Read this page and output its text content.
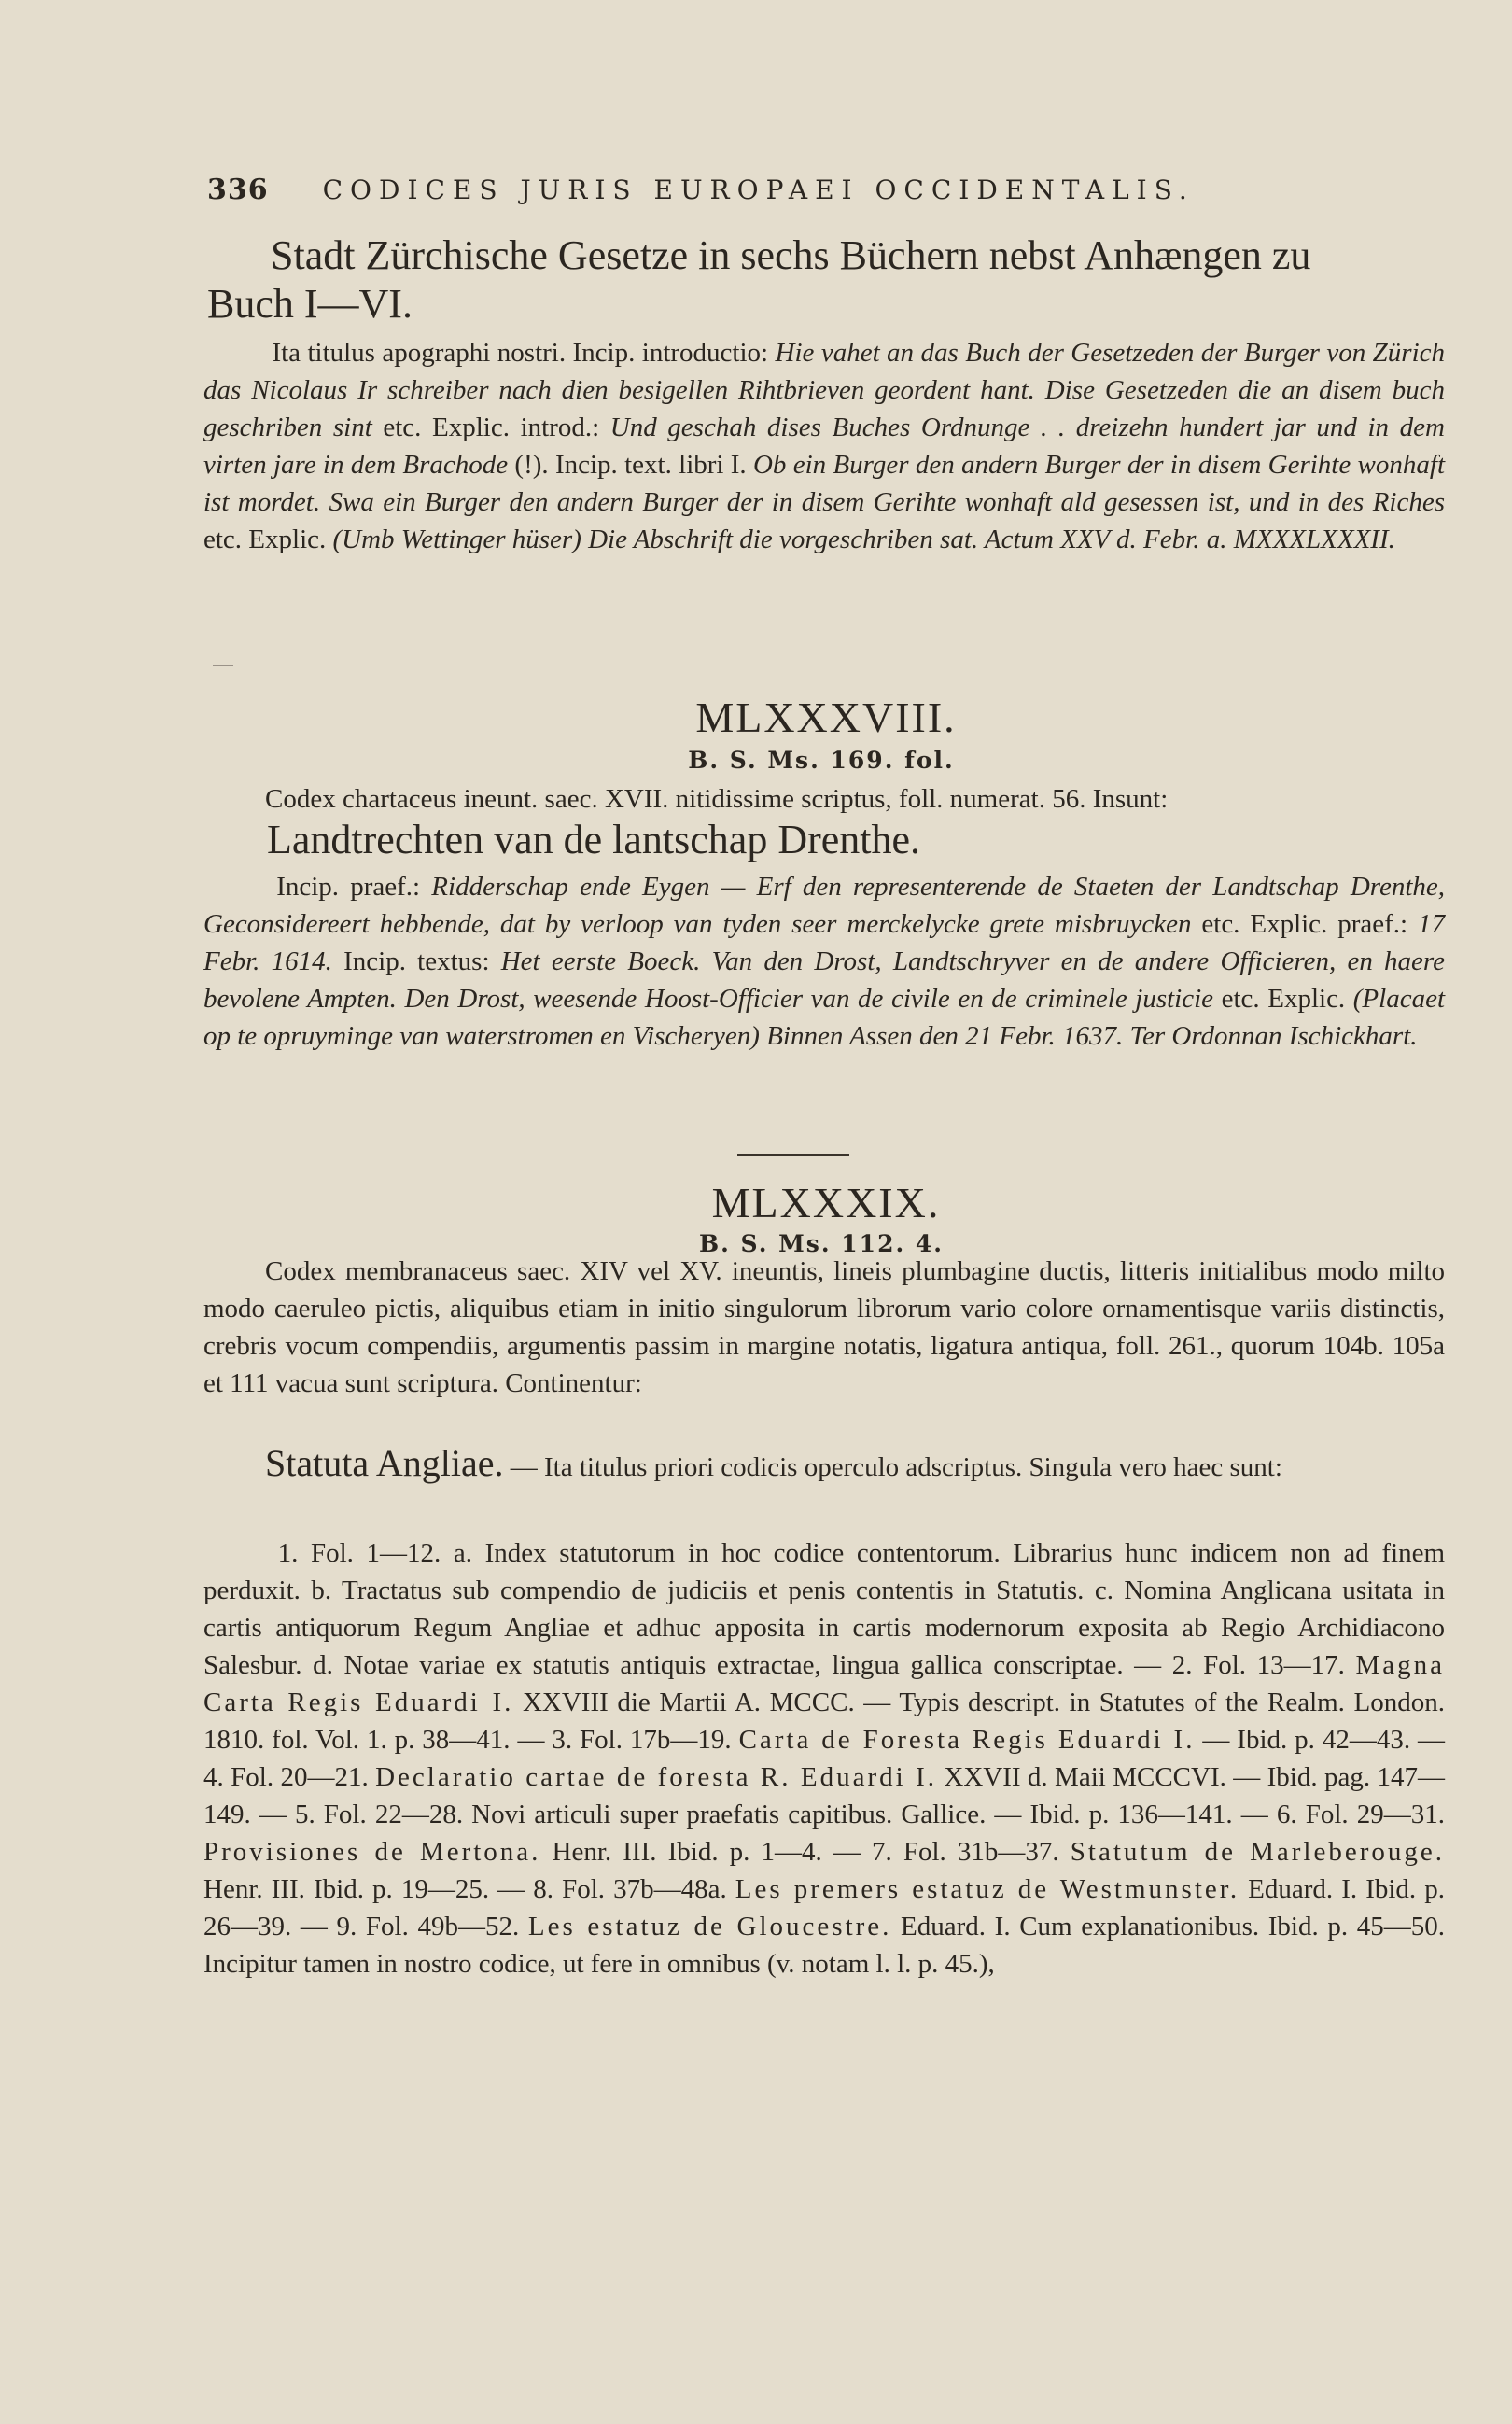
336 CODICES JURIS EUROPAEI OCCIDENTALIS.
Stadt Zürchische Gesetze in sechs Büchern nebst Anhængen zu
Buch I—VI.
Ita titulus apographi nostri. Incip. introductio: Hie vahet an das Buch der Gesetzeden der Burger von Zürich das Nicolaus Ir schreiber nach dien besigellen Rihtbrieven geordent hant. Dise Gesetzeden die an disem buch geschriben sint etc. Explic. introd.: Und geschah dises Buches Ordnunge . . dreizehn hundert jar und in dem virten jare in dem Brachode (!). Incip. text. libri I. Ob ein Burger den andern Burger der in disem Gerihte wonhaft ist mordet. Swa ein Burger den andern Burger der in disem Gerihte wonhaft ald gesessen ist, und in des Riches etc. Explic. (Umb Wettinger hüser) Die Abschrift die vorgeschriben sat. Actum XXV d. Febr. a. MXXXLXXXII.
MLXXXVIII.
B. S. Ms. 169. fol.
Codex chartaceus ineunt. saec. XVII. nitidissime scriptus, foll. numerat. 56. Insunt:
Landtrechten van de lantschap Drenthe.
Incip. praef.: Ridderschap ende Eygen — Erf den representerende de Staeten der Landtschap Drenthe, Geconsidereert hebbende, dat by verloop van tyden seer merckelycke grete misbruycken etc. Explic. praef.: 17 Febr. 1614. Incip. textus: Het eerste Boeck. Van den Drost, Landtschryver en de andere Officieren, en haere bevolene Ampten. Den Drost, weesende Hoost-Officier van de civile en de criminele justicie etc. Explic. (Placaet op te opruyminge van waterstromen en Vischeryen) Binnen Assen den 21 Febr. 1637. Ter Ordonnan Ischickhart.
MLXXXIX.
B. S. Ms. 112. 4.
Codex membranaceus saec. XIV vel XV. ineuntis, lineis plumbagine ductis, litteris initialibus modo milto modo caeruleo pictis, aliquibus etiam in initio singulorum librorum vario colore ornamentisque variis distinctis, crebris vocum compendiis, argumentis passim in margine notatis, ligatura antiqua, foll. 261., quorum 104b. 105a et 111 vacua sunt scriptura. Continentur:
Statuta Angliae. — Ita titulus priori codicis operculo adscriptus. Singula vero haec sunt:
1. Fol. 1—12. a. Index statutorum in hoc codice contentorum. Librarius hunc indicem non ad finem perduxit. b. Tractatus sub compendio de judiciis et penis contentis in Statutis. c. Nomina Anglicana usitata in cartis antiquorum Regum Angliae et adhuc apposita in cartis modernorum exposita ab Regio Archidiacono Salesbur. d. Notae variae ex statutis antiquis extractae, lingua gallica conscriptae. — 2. Fol. 13—17. Magna Carta Regis Eduardi I. XXVIII die Martii A. MCCC. — Typis descript. in Statutes of the Realm. London. 1810. fol. Vol. 1. p. 38—41. — 3. Fol. 17b—19. Carta de Foresta Regis Eduardi I. — Ibid. p. 42—43. — 4. Fol. 20—21. Declaratio cartae de foresta R. Eduardi I. XXVII d. Maii MCCCVI. — Ibid. pag. 147—149. — 5. Fol. 22—28. Novi articuli super praefatis capitibus. Gallice. — Ibid. p. 136—141. — 6. Fol. 29—31. Provisiones de Mertona. Henr. III. Ibid. p. 1—4. — 7. Fol. 31b—37. Statutum de Marleberouge. Henr. III. Ibid. p. 19—25. — 8. Fol. 37b—48a. Les premers estatuz de Westmunster. Eduard. I. Ibid. p. 26—39. — 9. Fol. 49b—52. Les estatuz de Gloucestre. Eduard. I. Cum explanationibus. Ibid. p. 45—50. Incipitur tamen in nostro codice, ut fere in omnibus (v. notam l. l. p. 45.),
